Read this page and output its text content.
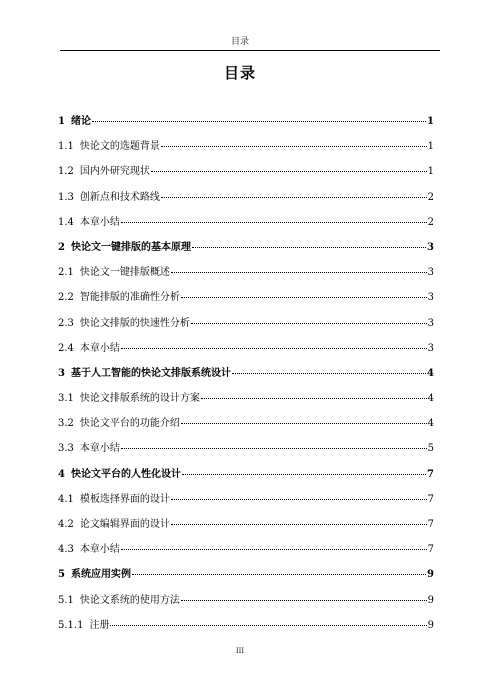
目录
目录
1 绪论	1
1.1 快论文的选题背景	1
1.2 国内外研究现状	1
1.3 创新点和技术路线	2
1.4 本章小结	2
2 快论文一键排版的基本原理	3
2.1 快论文一键排版概述	3
2.2 智能排版的准确性分析	3
2.3 快论文排版的快速性分析	3
2.4 本章小结	3
3 基于人工智能的快论文排版系统设计	4
3.1 快论文排版系统的设计方案	4
3.2 快论文平台的功能介绍	4
3.3 本章小结	5
4 快论文平台的人性化设计	7
4.1 模板选择界面的设计	7
4.2 论文编辑界面的设计	7
4.3 本章小结	7
5 系统应用实例	9
5.1 快论文系统的使用方法	9
5.1.1 注册	9
III
